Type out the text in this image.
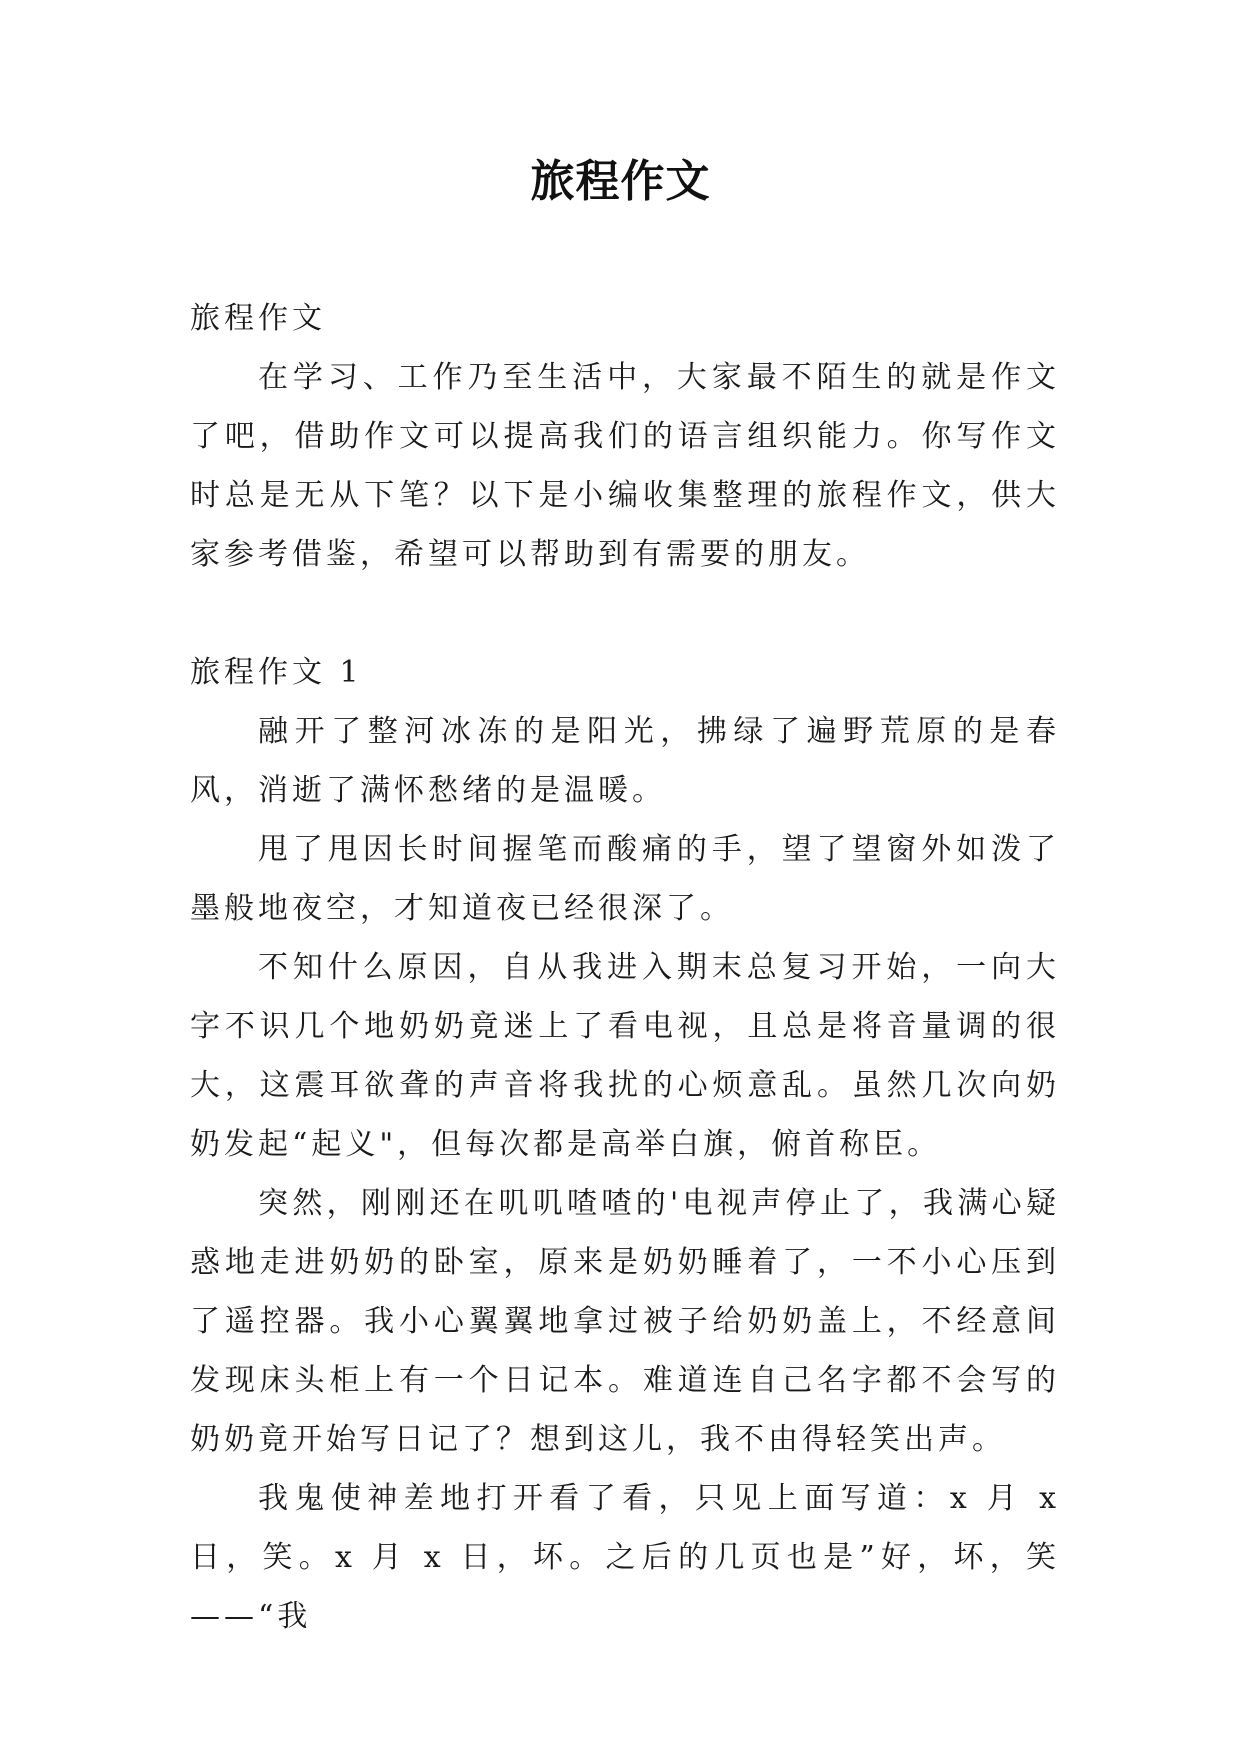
旅程作文

旅程作文

在学习、工作乃至生活中，大家最不陌生的就是作文了吧，借助作文可以提高我们的语言组织能力。你写作文时总是无从下笔？以下是小编收集整理的旅程作文，供大家参考借鉴，希望可以帮助到有需要的朋友。

旅程作文 1

融开了整河冰冻的是阳光，拂绿了遍野荒原的是春风，消逝了满怀愁绪的是温暖。

甩了甩因长时间握笔而酸痛的手，望了望窗外如泼了墨般地夜空，才知道夜已经很深了。

不知什么原因，自从我进入期末总复习开始，一向大字不识几个地奶奶竟迷上了看电视，且总是将音量调的很大，这震耳欲聋的声音将我扰的心烦意乱。虽然几次向奶奶发起“起义"，但每次都是高举白旗，俯首称臣。

突然，刚刚还在叽叽喳喳的'电视声停止了，我满心疑惑地走进奶奶的卧室，原来是奶奶睡着了，一不小心压到了遥控器。我小心翼翼地拿过被子给奶奶盖上，不经意间发现床头柜上有一个日记本。难道连自己名字都不会写的奶奶竟开始写日记了？想到这儿，我不由得轻笑出声。

我鬼使神差地打开看了看，只见上面写道：x 月 x 日，笑。x 月 x 日，坏。之后的几页也是”好，坏，笑——“我
